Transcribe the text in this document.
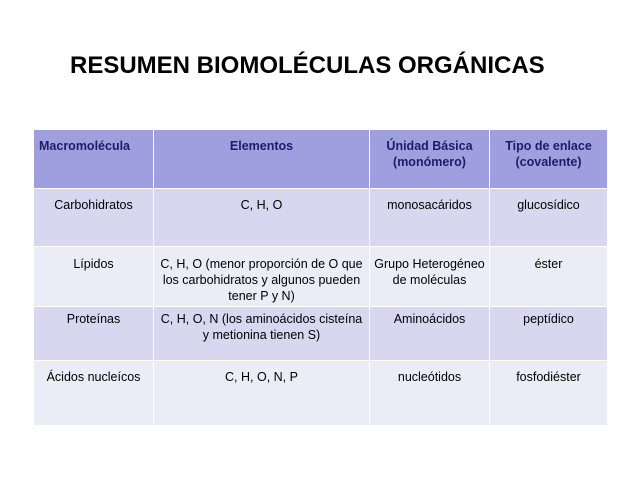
RESUMEN BIOMOLÉCULAS ORGÁNICAS
Macromolécula	Elementos	Únidad Básica (monómero)	Tipo de enlace (covalente)
Carbohidratos	C, H, O	monosacáridos	glucosídico
Lípidos	C, H, O (menor proporción de O que los carbohidratos y algunos pueden tener P y N)	Grupo Heterogéneo de moléculas	éster
Proteínas	C, H, O, N (los aminoácidos cisteína y metionina tienen S)	Aminoácidos	peptídico
Ácidos nucleícos	C, H, O, N, P	nucleótidos	fosfodiéster
